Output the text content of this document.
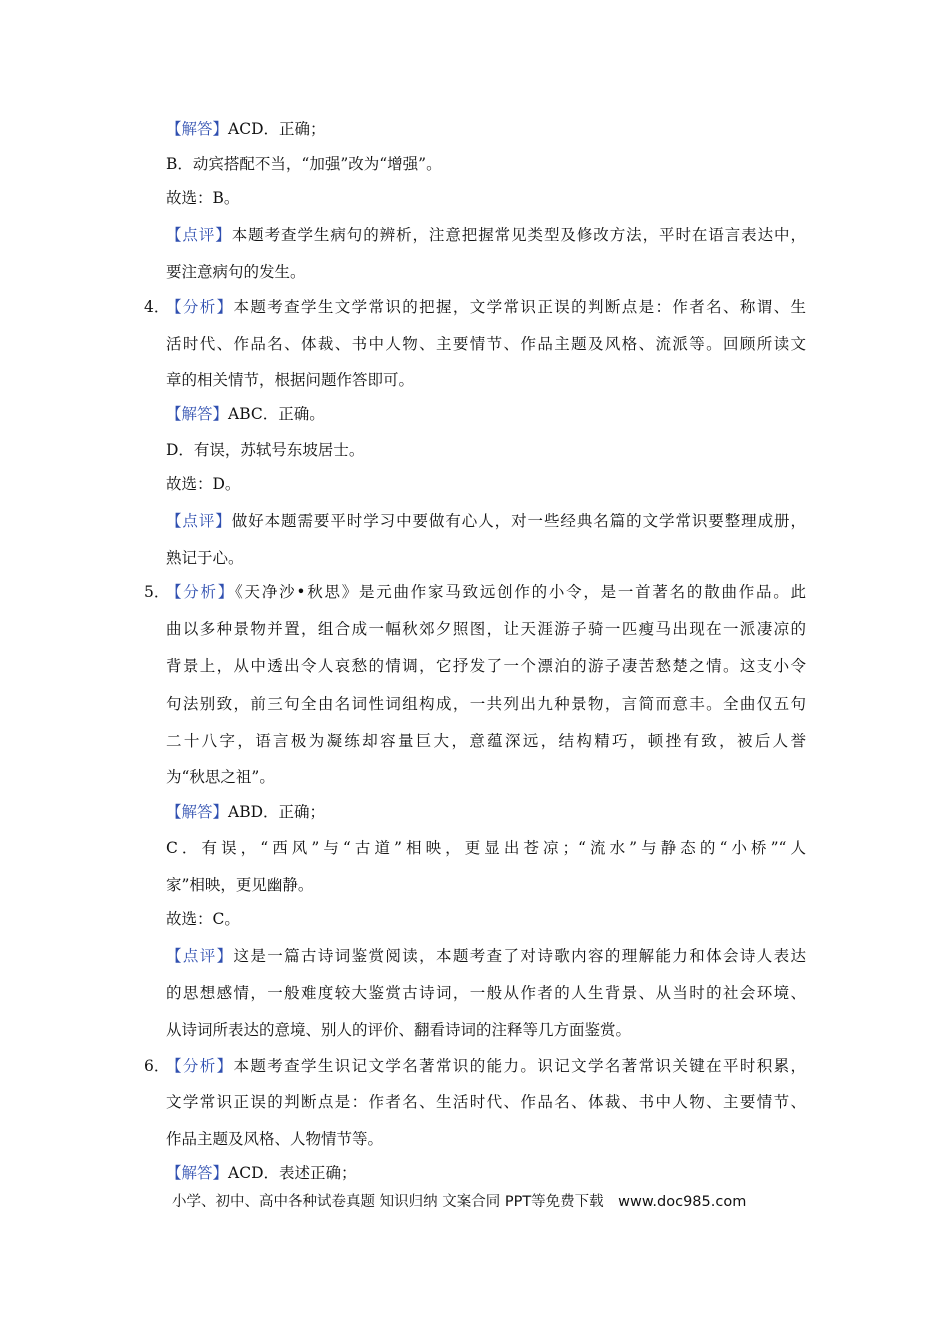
【解答】ACD．正确；
B．动宾搭配不当，“加强”改为“增强”。
故选：B。
【点评】本题考查学生病句的辨析，注意把握常见类型及修改方法，平时在语言表达中，
要注意病句的发生。
4．
【分析】本题考查学生文学常识的把握，文学常识正误的判断点是：作者名、称谓、生
活时代、作品名、体裁、书中人物、主要情节、作品主题及风格、流派等。回顾所读文
章的相关情节，根据问题作答即可。
【解答】ABC．正确。
D．有误，苏轼号东坡居士。
故选：D。
【点评】做好本题需要平时学习中要做有心人，对一些经典名篇的文学常识要整理成册，
熟记于心。
5．
【分析】《天净沙•秋思》是元曲作家马致远创作的小令，是一首著名的散曲作品。此
曲以多种景物并置，组合成一幅秋郊夕照图，让天涯游子骑一匹瘦马出现在一派凄凉的
背景上，从中透出令人哀愁的情调，它抒发了一个漂泊的游子凄苦愁楚之情。这支小令
句法别致，前三句全由名词性词组构成，一共列出九种景物，言简而意丰。全曲仅五句
二十八字，语言极为凝练却容量巨大，意蕴深远，结构精巧，顿挫有致，被后人誉
为“秋思之祖”。
【解答】ABD．正确；
C．有误，“西风”与“古道”相映，更显出苍凉；“流水”与静态的“小桥”“人
家”相映，更见幽静。
故选：C。
【点评】这是一篇古诗词鉴赏阅读，本题考查了对诗歌内容的理解能力和体会诗人表达
的思想感情，一般难度较大鉴赏古诗词，一般从作者的人生背景、从当时的社会环境、
从诗词所表达的意境、别人的评价、翻看诗词的注释等几方面鉴赏。
6．
【分析】本题考查学生识记文学名著常识的能力。识记文学名著常识关键在平时积累，
文学常识正误的判断点是：作者名、生活时代、作品名、体裁、书中人物、主要情节、
作品主题及风格、人物情节等。
【解答】ACD．表述正确；
小学、初中、高中各种试卷真题 知识归纳 文案合同 PPT等免费下载　www.doc985.com
